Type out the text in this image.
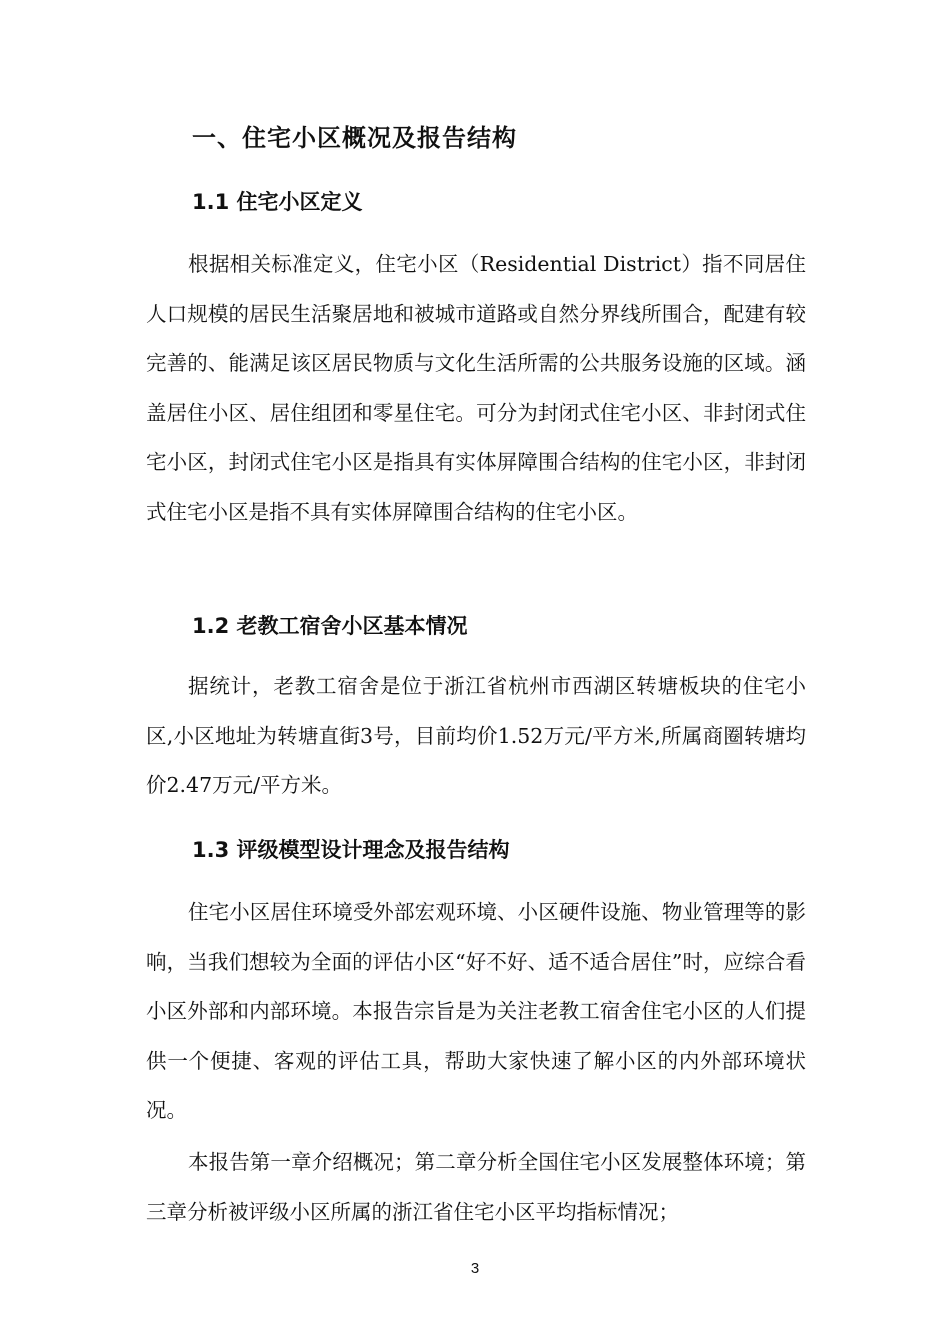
一、住宅小区概况及报告结构
1.1 住宅小区定义

根据相关标准定义，住宅小区（Residential District）指不同居住人口规模的居民生活聚居地和被城市道路或自然分界线所围合，配建有较完善的、能满足该区居民物质与文化生活所需的公共服务设施的区域。涵盖居住小区、居住组团和零星住宅。可分为封闭式住宅小区、非封闭式住宅小区，封闭式住宅小区是指具有实体屏障围合结构的住宅小区，非封闭式住宅小区是指不具有实体屏障围合结构的住宅小区。

1.2 老教工宿舍小区基本情况

据统计，老教工宿舍是位于浙江省杭州市西湖区转塘板块的住宅小区,小区地址为转塘直街3号，目前均价1.52万元/平方米,所属商圈转塘均价2.47万元/平方米。

1.3 评级模型设计理念及报告结构

住宅小区居住环境受外部宏观环境、小区硬件设施、物业管理等的影响，当我们想较为全面的评估小区“好不好、适不适合居住”时，应综合看小区外部和内部环境。本报告宗旨是为关注老教工宿舍住宅小区的人们提供一个便捷、客观的评估工具，帮助大家快速了解小区的内外部环境状况。

本报告第一章介绍概况；第二章分析全国住宅小区发展整体环境；第三章分析被评级小区所属的浙江省住宅小区平均指标情况；

3
